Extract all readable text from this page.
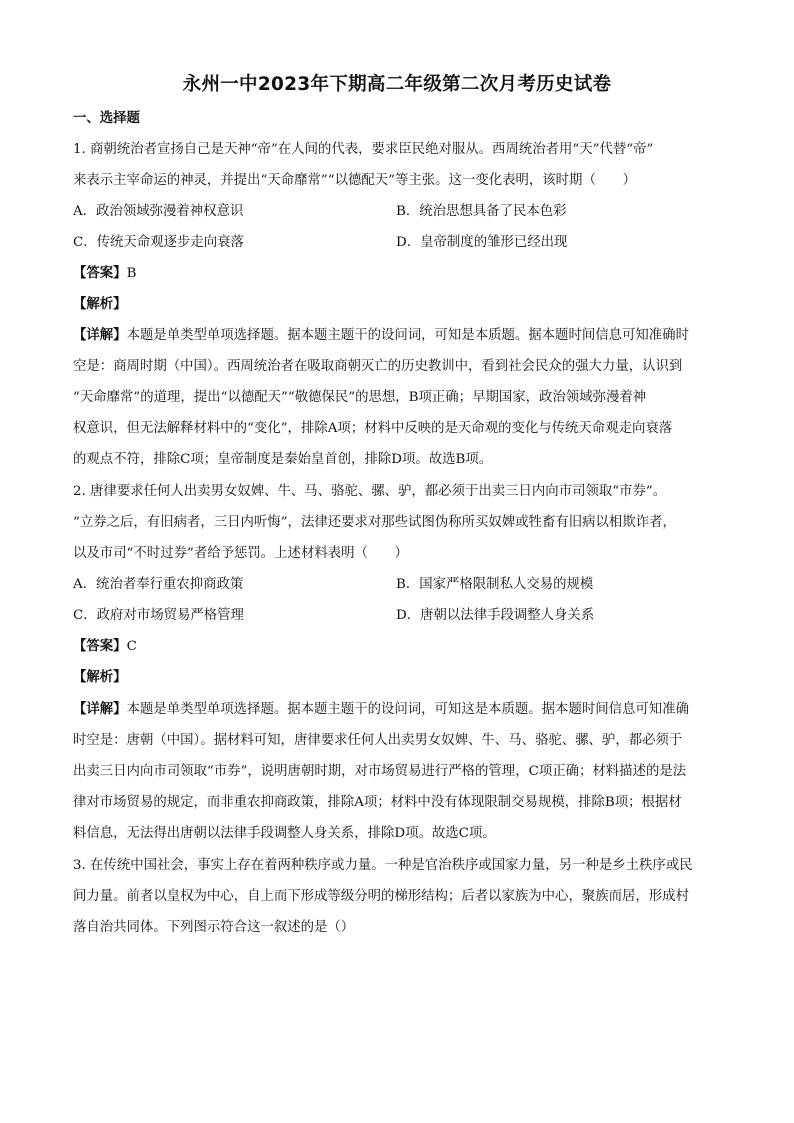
永州一中2023年下期高二年级第二次月考历史试卷
一、选择题
1. 商朝统治者宣扬自己是天神“帝”在人间的代表，要求臣民绝对服从。西周统治者用“天”代替“帝”
来表示主宰命运的神灵，并提出“天命靡常”“以德配天”等主张。这一变化表明，该时期（　　）
A．政治领域弥漫着神权意识	B．统治思想具备了民本色彩
C．传统天命观逐步走向衰落	D．皇帝制度的雏形已经出现
【答案】B
【解析】
【详解】本题是单类型单项选择题。据本题主题干的设问词，可知是本质题。据本题时间信息可知准确时
空是：商周时期（中国）。西周统治者在吸取商朝灭亡的历史教训中，看到社会民众的强大力量，认识到
“天命靡常”的道理，提出“以德配天”“敬德保民”的思想，B项正确；早期国家，政治领域弥漫着神
权意识，但无法解释材料中的“变化”，排除A项；材料中反映的是天命观的变化与传统天命观走向衰落
的观点不符，排除C项；皇帝制度是秦始皇首创，排除D项。故选B项。
2. 唐律要求任何人出卖男女奴婢、牛、马、骆驼、骡、驴，都必须于出卖三日内向市司领取“市券”。
“立券之后，有旧病者，三日内听悔”，法律还要求对那些试图伪称所买奴婢或牲畜有旧病以相欺诈者，
以及市司“不时过券”者给予惩罚。上述材料表明（　　）
A．统治者奉行重农抑商政策	B．国家严格限制私人交易的规模
C．政府对市场贸易严格管理	D．唐朝以法律手段调整人身关系
【答案】C
【解析】
【详解】本题是单类型单项选择题。据本题主题干的设问词，可知这是本质题。据本题时间信息可知准确
时空是：唐朝（中国）。据材料可知，唐律要求任何人出卖男女奴婢、牛、马、骆驼、骡、驴，都必须于
出卖三日内向市司领取“市券”，说明唐朝时期，对市场贸易进行严格的管理，C项正确；材料描述的是法
律对市场贸易的规定，而非重农抑商政策，排除A项；材料中没有体现限制交易规模，排除B项；根据材
料信息，无法得出唐朝以法律手段调整人身关系，排除D项。故选C项。
3. 在传统中国社会，事实上存在着两种秩序或力量。一种是官治秩序或国家力量，另一种是乡土秩序或民
间力量。前者以皇权为中心，自上而下形成等级分明的梯形结构；后者以家族为中心，聚族而居，形成村
落自治共同体。下列图示符合这一叙述的是（）
